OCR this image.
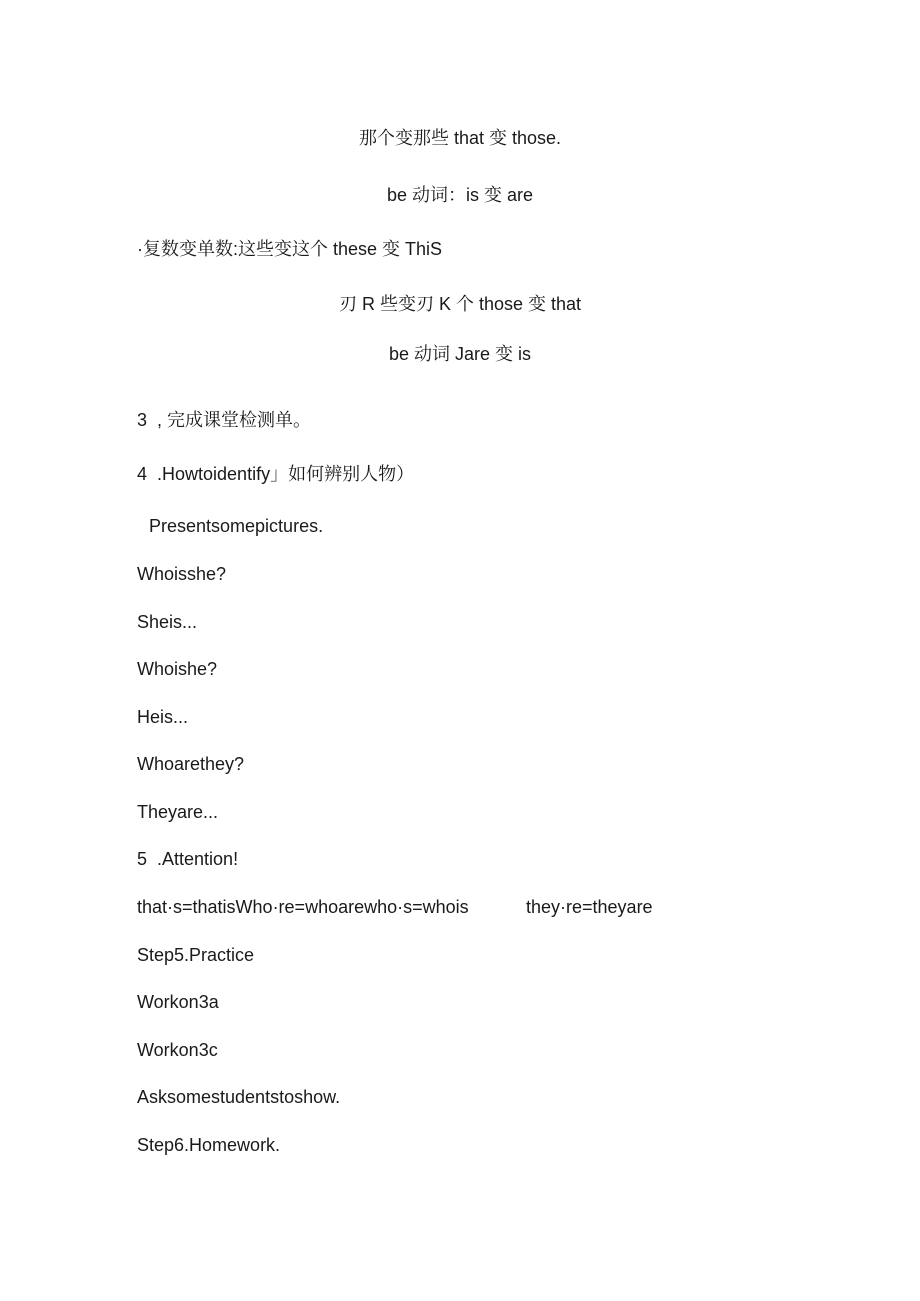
那个变那些 that 变 those.
be 动词：is 变 are
·复数变单数:这些变这个 these 变 ThiS
刃 R 些变刃 K 个 those 变 that
be 动词 Jare 变 is
3  , 完成课堂检测单。
4  .Howtoidentify」如何辨别人物）
Presentsomepictures.
Whoisshe?
Sheis...
Whoishe?
Heis...
Whoarethey?
Theyare...
5  .Attention!
that·s=thatisWho·re=whoarewho·s=whois	they·re=theyare
Step5.Practice
Workon3a
Workon3c
Asksomestudentstoshow.
Step6.Homework.
